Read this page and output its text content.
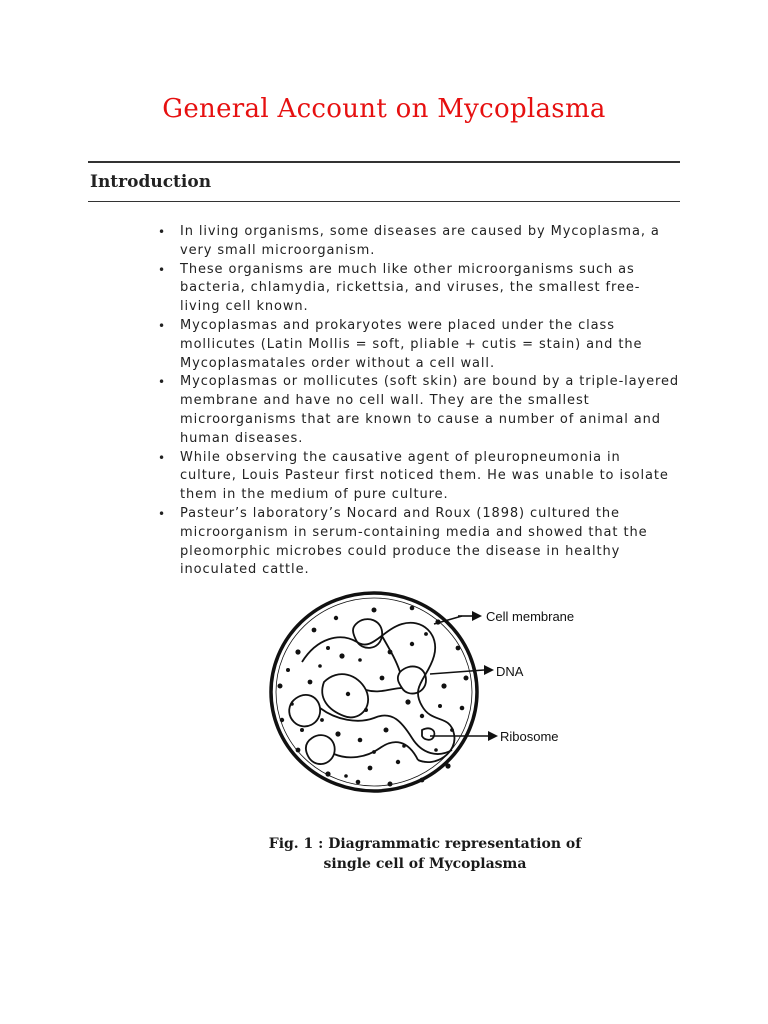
General Account on Mycoplasma
Introduction
• In living organisms, some diseases are caused by Mycoplasma, a very small microorganism.
• These organisms are much like other microorganisms such as bacteria, chlamydia, rickettsia, and viruses, the smallest free-living cell known.
• Mycoplasmas and prokaryotes were placed under the class mollicutes (Latin Mollis = soft, pliable + cutis = stain) and the Mycoplasmatales order without a cell wall.
• Mycoplasmas or mollicutes (soft skin) are bound by a triple-layered membrane and have no cell wall. They are the smallest microorganisms that are known to cause a number of animal and human diseases.
• While observing the causative agent of pleuropneumonia in culture, Louis Pasteur first noticed them. He was unable to isolate them in the medium of pure culture.
• Pasteur’s laboratory’s Nocard and Roux (1898) cultured the microorganism in serum-containing media and showed that the pleomorphic microbes could produce the disease in healthy inoculated cattle.
Cell membrane
DNA
Ribosome

Fig. 1 : Diagrammatic representation of
single cell of Mycoplasma
